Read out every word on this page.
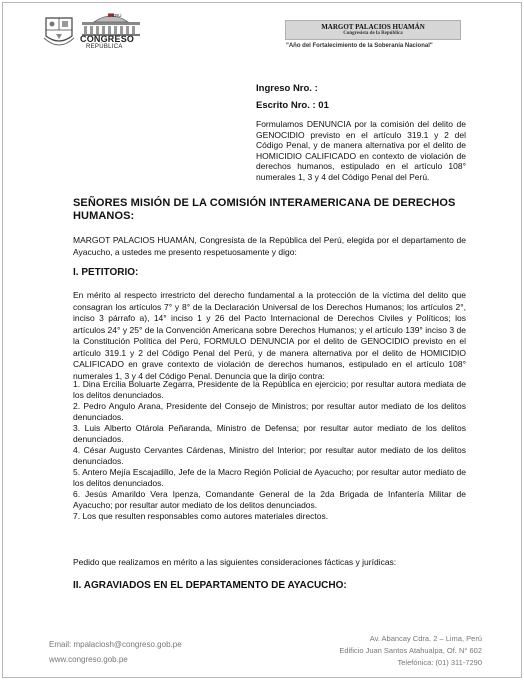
PERÚ
CONGRESO
REPÚBLICA
MARGOT PALACIOS HUAMÁN
Congresista de la República
"Año del Fortalecimiento de la Soberanía Nacional"
Ingreso Nro. :
Escrito Nro. : 01
Formulamos DENUNCIA por la comisión del delito de GENOCIDIO previsto en el artículo 319.1 y 2 del Código Penal, y de manera alternativa por el delito de HOMICIDIO CALIFICADO en contexto de violación de derechos humanos, estipulado en el artículo 108° numerales 1, 3 y 4 del Código Penal del Perú.
SEÑORES MISIÓN DE LA COMISIÓN INTERAMERICANA DE DERECHOS HUMANOS:
MARGOT PALACIOS HUAMÁN, Congresista de la República del Perú, elegida por el departamento de Ayacucho, a ustedes me presento respetuosamente y digo:
I. PETITORIO:
En mérito al respecto irrestricto del derecho fundamental a la protección de la víctima del delito que consagran los artículos 7° y 8° de la Declaración Universal de los Derechos Humanos; los artículos 2°, inciso 3 párrafo a), 14° inciso 1 y 26 del Pacto Internacional de Derechos Civiles y Políticos; los artículos 24° y 25° de la Convención Americana sobre Derechos Humanos; y el artículo 139° inciso 3 de la Constitución Política del Perú, FORMULO DENUNCIA por el delito de GENOCIDIO previsto en el artículo 319.1 y 2 del Código Penal del Perú, y de manera alternativa por el delito de HOMICIDIO CALIFICADO en grave contexto de violación de derechos humanos, estipulado en el artículo 108° numerales 1, 3 y 4 del Código Penal. Denuncia que la dirijo contra:
1. Dina Ercilia Boluarte Zegarra, Presidente de la República en ejercicio; por resultar autora mediata de los delitos denunciados.
2. Pedro Angulo Arana, Presidente del Consejo de Ministros; por resultar autor mediato de los delitos denunciados.
3. Luis Alberto Otárola Peñaranda, Ministro de Defensa; por resultar autor mediato de los delitos denunciados.
4. César Augusto Cervantes Cárdenas, Ministro del Interior; por resultar autor mediato de los delitos denunciados.
5. Antero Mejía Escajadillo, Jefe de la Macro Región Policial de Ayacucho; por resultar autor mediato de los delitos denunciados.
6. Jesús Amarildo Vera Ipenza, Comandante General de la 2da Brigada de Infantería Militar de Ayacucho; por resultar autor mediato de los delitos denunciados.
7. Los que resulten responsables como autores materiales directos.
Pedido que realizamos en mérito a las siguientes consideraciones fácticas y jurídicas:
II. AGRAVIADOS EN EL DEPARTAMENTO DE AYACUCHO:
Email: mpalaciosh@congreso.gob.pe
www.congreso.gob.pe
Av. Abancay Cdra. 2 – Lima, Perú
Edificio Juan Santos Atahualpa, Of. N° 602
Telefónica: (01) 311-7290
